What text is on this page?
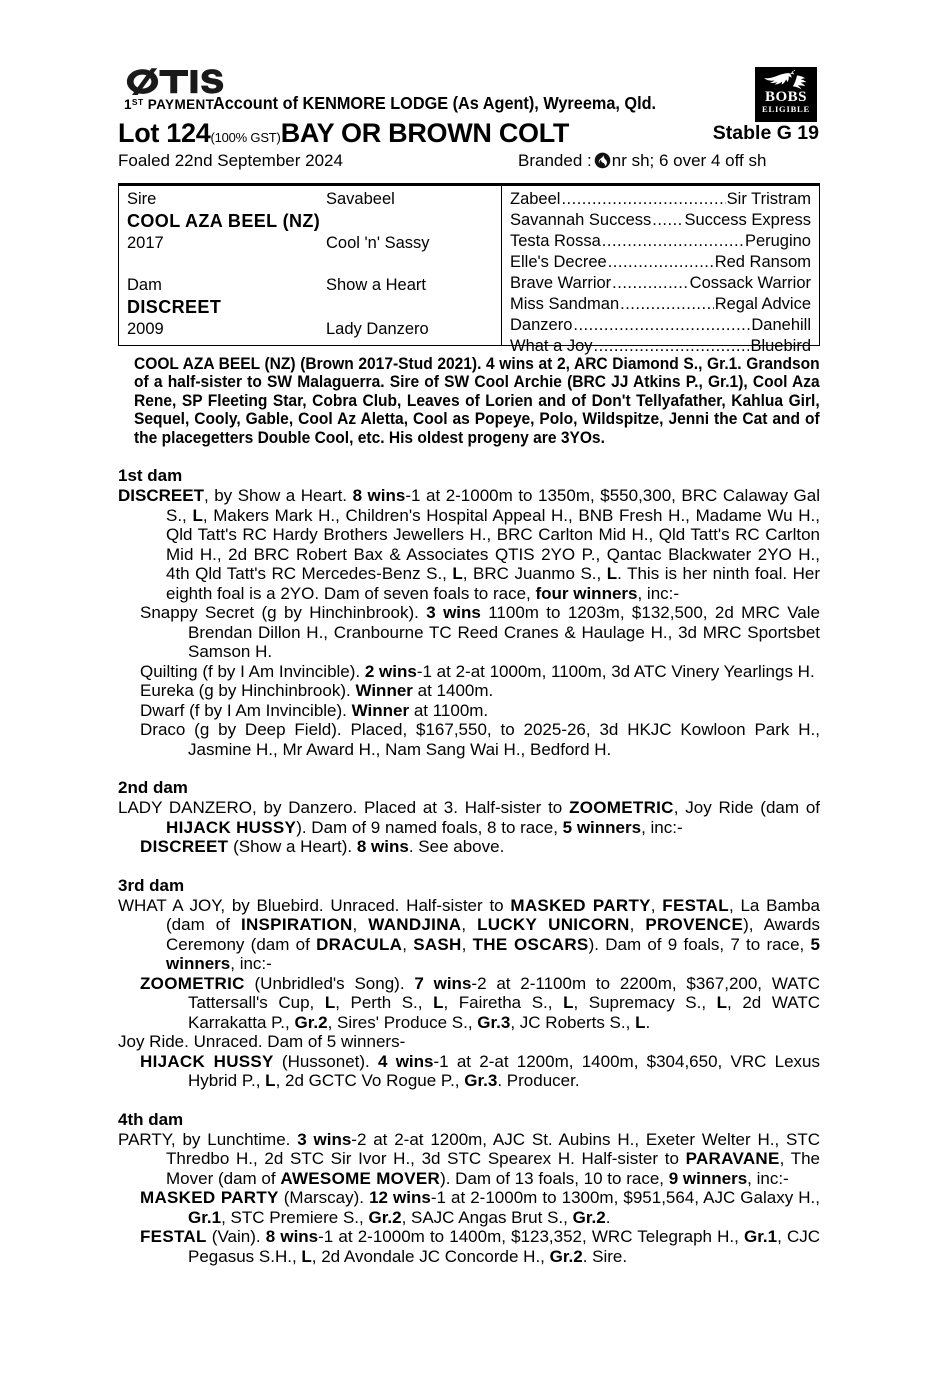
1ST PAYMENT
Account of KENMORE LODGE (As Agent), Wyreema, Qld.	BOBS
ELIGIBLE
Lot 124(100% GST)BAY OR BROWN COLT	Stable G 19
Foaled 22nd September 2024	Branded : nr sh; 6 over 4 off sh
Sire	Savabeel
COOL AZA BEEL (NZ)
2017	Cool 'n' Sassy
Dam	Show a Heart
DISCREET
2009	Lady Danzero
Zabeel .....	Sir Tristram
Savannah Success ..... Success Express
Testa Rossa .....	Perugino
Elle's Decree .....	Red Ransom
Brave Warrior .....	Cossack Warrior
Miss Sandman .....	Regal Advice
Danzero .....	Danehill
What a Joy .....	Bluebird
COOL AZA BEEL (NZ) (Brown 2017-Stud 2021). 4 wins at 2, ARC Diamond S., Gr.1. Grandson of a half-sister to SW Malaguerra. Sire of SW Cool Archie (BRC JJ Atkins P., Gr.1), Cool Aza Rene, SP Fleeting Star, Cobra Club, Leaves of Lorien and of Don't Tellyafather, Kahlua Girl, Sequel, Cooly, Gable, Cool Az Aletta, Cool as Popeye, Polo, Wildspitze, Jenni the Cat and of the placegetters Double Cool, etc. His oldest progeny are 3YOs.
1st dam

DISCREET, by Show a Heart. 8 wins-1 at 2-1000m to 1350m, $550,300, BRC Calaway Gal S., L, Makers Mark H., Children's Hospital Appeal H., BNB Fresh H., Madame Wu H., Qld Tatt's RC Hardy Brothers Jewellers H., BRC Carlton Mid H., Qld Tatt's RC Carlton Mid H., 2d BRC Robert Bax & Associates QTIS 2YO P., Qantac Blackwater 2YO H., 4th Qld Tatt's RC Mercedes-Benz S., L, BRC Juanmo S., L. This is her ninth foal. Her eighth foal is a 2YO. Dam of seven foals to race, four winners, inc:-

Snappy Secret (g by Hinchinbrook). 3 wins 1100m to 1203m, $132,500, 2d MRC Vale Brendan Dillon H., Cranbourne TC Reed Cranes & Haulage H., 3d MRC Sportsbet Samson H.

Quilting (f by I Am Invincible). 2 wins-1 at 2-at 1000m, 1100m, 3d ATC Vinery Yearlings H.

Eureka (g by Hinchinbrook). Winner at 1400m.

Dwarf (f by I Am Invincible). Winner at 1100m.

Draco (g by Deep Field). Placed, $167,550, to 2025-26, 3d HKJC Kowloon Park H., Jasmine H., Mr Award H., Nam Sang Wai H., Bedford H.

2nd dam

LADY DANZERO, by Danzero. Placed at 3. Half-sister to ZOOMETRIC, Joy Ride (dam of HIJACK HUSSY). Dam of 9 named foals, 8 to race, 5 winners, inc:-

DISCREET (Show a Heart). 8 wins. See above.

3rd dam

WHAT A JOY, by Bluebird. Unraced. Half-sister to MASKED PARTY, FESTAL, La Bamba (dam of INSPIRATION, WANDJINA, LUCKY UNICORN, PROVENCE), Awards Ceremony (dam of DRACULA, SASH, THE OSCARS). Dam of 9 foals, 7 to race, 5 winners, inc:-

ZOOMETRIC (Unbridled's Song). 7 wins-2 at 2-1100m to 2200m, $367,200, WATC Tattersall's Cup, L, Perth S., L, Fairetha S., L, Supremacy S., L, 2d WATC Karrakatta P., Gr.2, Sires' Produce S., Gr.3, JC Roberts S., L.

Joy Ride. Unraced. Dam of 5 winners-

HIJACK HUSSY (Hussonet). 4 wins-1 at 2-at 1200m, 1400m, $304,650, VRC Lexus Hybrid P., L, 2d GCTC Vo Rogue P., Gr.3. Producer.

4th dam

PARTY, by Lunchtime. 3 wins-2 at 2-at 1200m, AJC St. Aubins H., Exeter Welter H., STC Thredbo H., 2d STC Sir Ivor H., 3d STC Spearex H. Half-sister to PARAVANE, The Mover (dam of AWESOME MOVER). Dam of 13 foals, 10 to race, 9 winners, inc:-

MASKED PARTY (Marscay). 12 wins-1 at 2-1000m to 1300m, $951,564, AJC Galaxy H., Gr.1, STC Premiere S., Gr.2, SAJC Angas Brut S., Gr.2.

FESTAL (Vain). 8 wins-1 at 2-1000m to 1400m, $123,352, WRC Telegraph H., Gr.1, CJC Pegasus S.H., L, 2d Avondale JC Concorde H., Gr.2. Sire.
